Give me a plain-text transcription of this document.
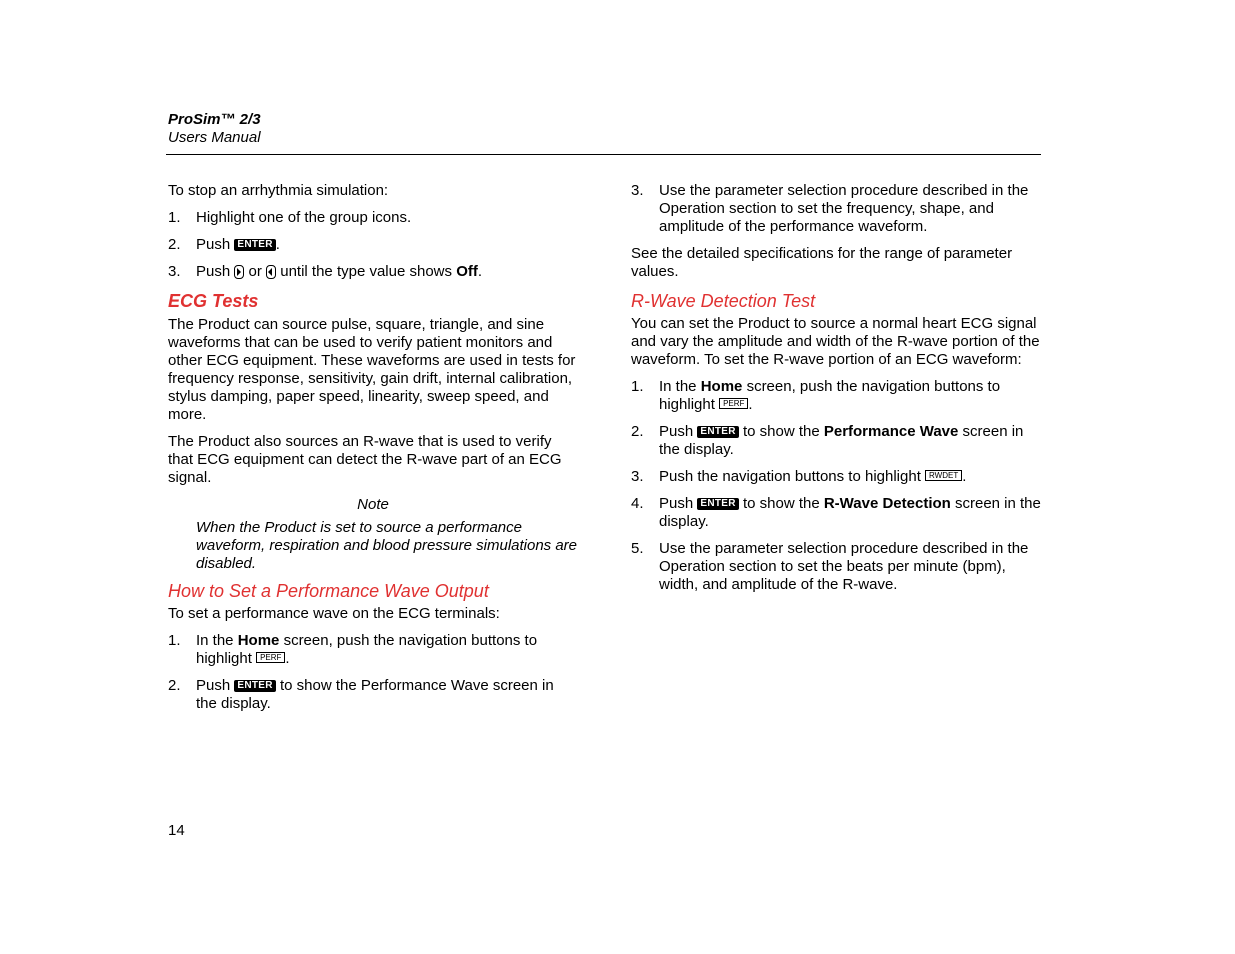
ProSim™ 2/3
Users Manual

To stop an arrhythmia simulation:

1. Highlight one of the group icons.
2. Push ENTER .
3. Push or until the type value shows Off.
ECG Tests

The Product can source pulse, square, triangle, and sine waveforms that can be used to verify patient monitors and other ECG equipment. These waveforms are used in tests for frequency response, sensitivity, gain drift, internal calibration, stylus damping, paper speed, linearity, sweep speed, and more.

The Product also sources an R-wave that is used to verify that ECG equipment can detect the R-wave part of an ECG signal.

Note

When the Product is set to source a performance waveform, respiration and blood pressure simulations are disabled.

How to Set a Performance Wave Output

To set a performance wave on the ECG terminals:

1. In the Home screen, push the navigation buttons to highlight PERF .
2. Push ENTER to show the Performance Wave screen in the display.
3. Use the parameter selection procedure described in the Operation section to set the frequency, shape, and amplitude of the performance waveform.

See the detailed specifications for the range of parameter values.

R-Wave Detection Test

You can set the Product to source a normal heart ECG signal and vary the amplitude and width of the R-wave portion of the waveform. To set the R-wave portion of an ECG waveform:

1. In the Home screen, push the navigation buttons to highlight PERF .
2. Push ENTER to show the Performance Wave screen in the display.
3. Push the navigation buttons to highlight RWDET .
4. Push ENTER to show the R-Wave Detection screen in the display.
5. Use the parameter selection procedure described in the Operation section to set the beats per minute (bpm), width, and amplitude of the R-wave.
14
